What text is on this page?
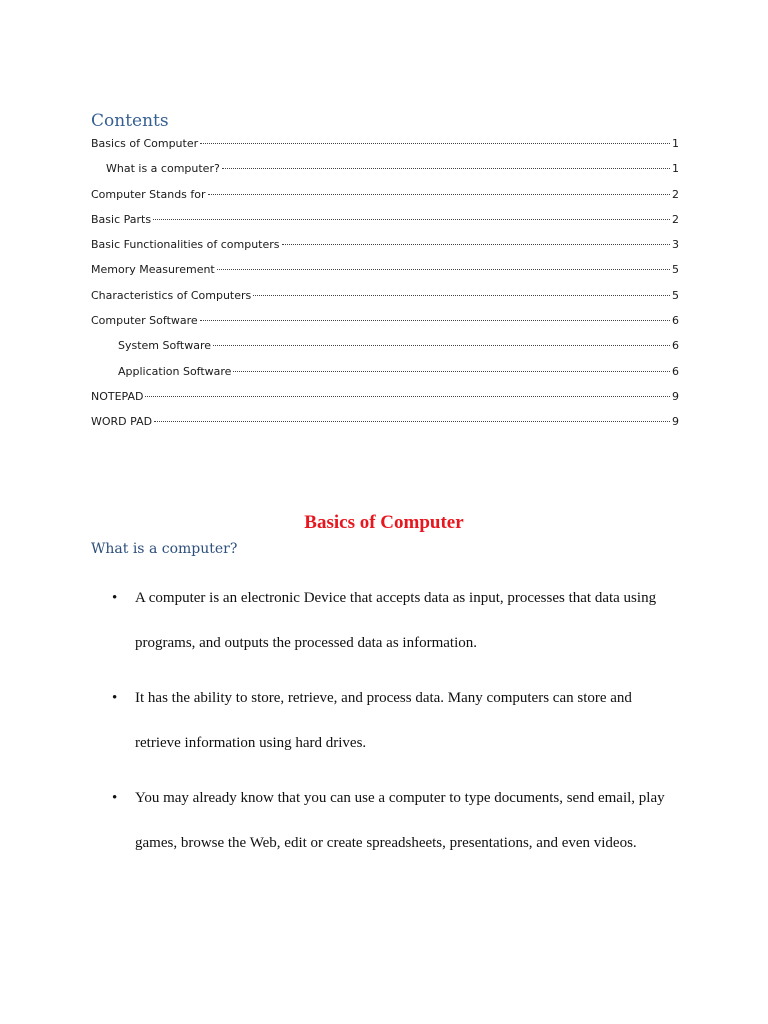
Contents
Basics of Computer	1
What is a computer?	1
Computer Stands for	2
Basic Parts	2
Basic Functionalities of computers	3
Memory Measurement	5
Characteristics of Computers	5
Computer Software	6
System Software	6
Application Software	6
NOTEPAD	9
WORD PAD	9
Basics of Computer
What is a computer?
• A computer is an electronic Device that accepts data as input, processes that data using
programs, and outputs the processed data as information.
• It has the ability to store, retrieve, and process data. Many computers can store and
retrieve information using hard drives.
• You may already know that you can use a computer to type documents, send email, play
games, browse the Web, edit or create spreadsheets, presentations, and even videos.
